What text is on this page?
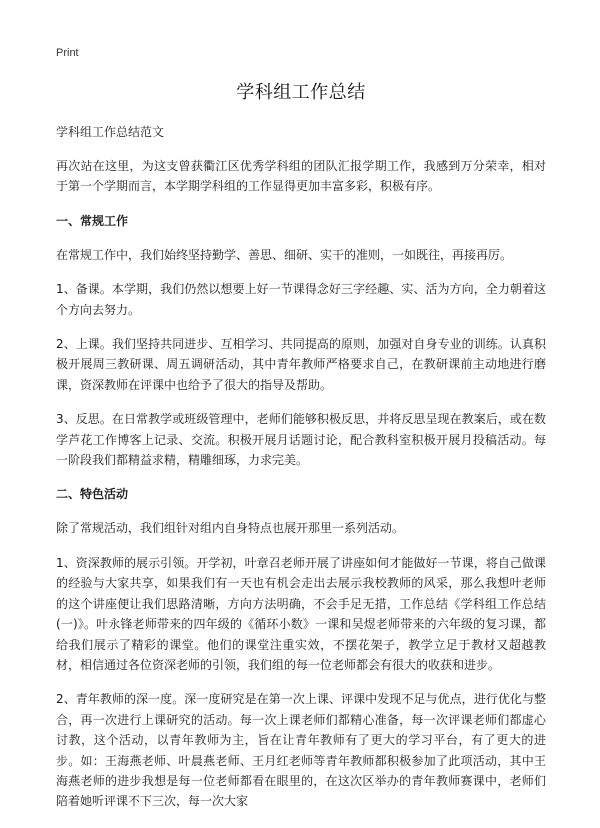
Print
学科组工作总结

学科组工作总结范文

再次站在这里，为这支曾获衢江区优秀学科组的团队汇报学期工作，我感到万分荣幸，相对于第一个学期而言，本学期学科组的工作显得更加丰富多彩，积极有序。

一、常规工作

在常规工作中，我们始终坚持勤学、善思、细研、实干的准则，一如既往，再接再厉。

1、备课。本学期，我们仍然以想要上好一节课得念好三字经趣、实、活为方向，全力朝着这个方向去努力。

2、上课。我们坚持共同进步、互相学习、共同提高的原则，加强对自身专业的训练。认真积极开展周三教研课、周五调研活动，其中青年教师严格要求自己，在教研课前主动地进行磨课，资深教师在评课中也给予了很大的指导及帮助。

3、反思。在日常教学或班级管理中，老师们能够积极反思，并将反思呈现在教案后，或在数学芦花工作博客上记录、交流。积极开展月话题讨论，配合教科室积极开展月投稿活动。每一阶段我们都精益求精，精雕细琢，力求完美。

二、特色活动

除了常规活动，我们组针对组内自身特点也展开那里一系列活动。

1、资深教师的展示引领。开学初，叶章召老师开展了讲座如何才能做好一节课，将自己做课的经验与大家共享，如果我们有一天也有机会走出去展示我校教师的风采，那么我想叶老师的这个讲座便让我们思路清晰，方向方法明确，不会手足无措，工作总结《学科组工作总结(一)》。叶永锋老师带来的四年级的《循环小数》一课和吴煜老师带来的六年级的复习课，都给我们展示了精彩的课堂。他们的课堂注重实效，不摆花架子，教学立足于教材又超越教材，相信通过各位资深老师的引领，我们组的每一位老师都会有很大的收获和进步。

2、青年教师的深一度。深一度研究是在第一次上课、评课中发现不足与优点，进行优化与整合，再一次进行上课研究的活动。每一次上课老师们都精心准备，每一次评课老师们都虚心讨教，这个活动，以青年教师为主，旨在让青年教师有了更大的学习平台，有了更大的进步。如：王海燕老师、叶晨燕老师、王月红老师等青年教师都积极参加了此项活动，其中王海燕老师的进步我想是每一位老师都看在眼里的，在这次区举办的青年教师赛课中，老师们陪着她听评课不下三次，每一次大家
